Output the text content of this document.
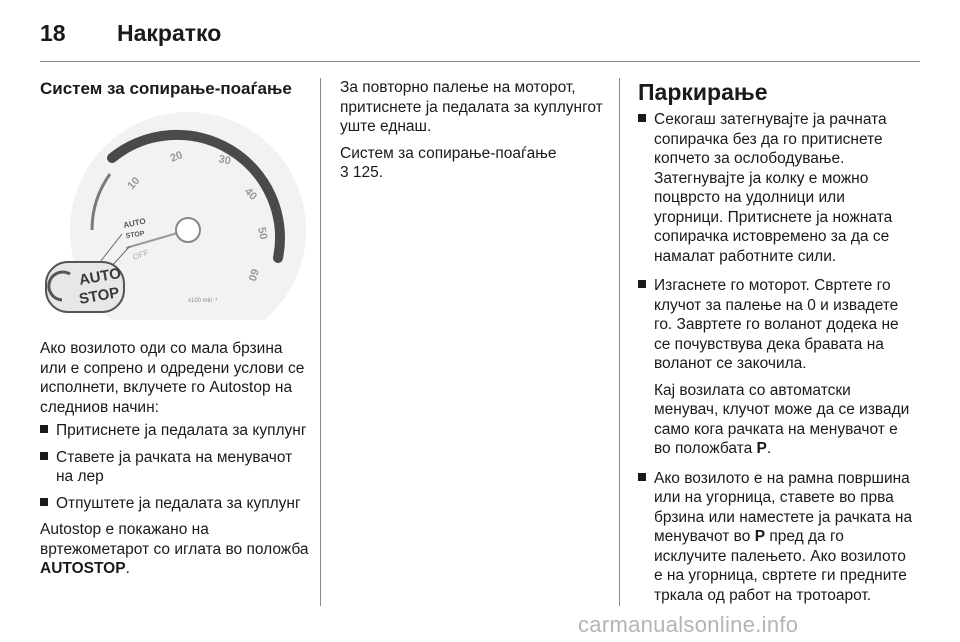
18 Накратко
Систем за сопирање-поаѓање
10
20	30
40
50
60
AUTO
STOP
OFF
x100 min⁻¹
AUTO
STOP

Ако возилото оди со мала брзина или е сопрено и одредени услови се исполнети, вклучете го Autostop на следниов начин:

Притиснете ја педалата за куплунг
Ставете ја рачката на менувачот на лер
Отпуштете ја педалата за куплунг

Autostop е покажано на вртежометарот со иглата во положба AUTOSTOP.

За повторно палење на моторот, притиснете ја педалата за куплунгот уште еднаш.

Систем за сопирање-поаѓање
3 125.

Паркирање
Секогаш затегнувајте ја рачната сопирачка без да го притиснете копчето за ослободување. Затегнувајте ја колку е можно поцврсто на удолници или угорници. Притиснете ја ножната сопирачка истовремено за да се намалат работните сили.
Изгаснете го моторот. Свртете го клучот за палење на 0 и извадете го. Завртете го воланот додека не се почувствува дека бравата на воланот се закочила.

Кај возилата со автоматски менувач, клучот може да се извади само кога рачката на менувачот е во положбата P.

Ако возилото е на рамна површина или на угорница, ставете во прва брзина или наместете ја рачката на менувачот во P пред да го исклучите палењето. Ако возилото е на угорница, свртете ги предните тркала од работ на тротоарот.
carmanualsonline.info
